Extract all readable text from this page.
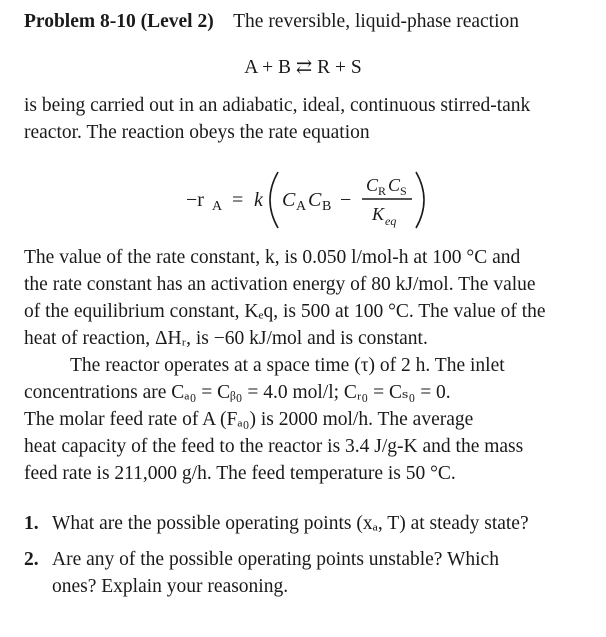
Problem 8-10 (Level 2) The reversible, liquid-phase reaction
A + B ⇄ R + S
is being carried out in an adiabatic, ideal, continuous stirred-tank
reactor. The reaction obeys the rate equation
−r A = k C A C B −
C R C S
K eq
The value of the rate constant, k, is 0.050 l/mol-h at 100 °C and
the rate constant has an activation energy of 80 kJ/mol. The value
of the equilibrium constant, Kₑq, is 500 at 100 °C. The value of the
heat of reaction, ΔHᵣ, is −60 kJ/mol and is constant.
The reactor operates at a space time (τ) of 2 h. The inlet
concentrations are Cₐ₀ = Cᵦ₀ = 4.0 mol/l; Cᵣ₀ = Cₛ₀ = 0.
The molar feed rate of A (Fₐ₀) is 2000 mol/h. The average
heat capacity of the feed to the reactor is 3.4 J/g-K and the mass
feed rate is 211,000 g/h. The feed temperature is 50 °C.
1. What are the possible operating points (xₐ, T) at steady state?
2. Are any of the possible operating points unstable? Which
ones? Explain your reasoning.
